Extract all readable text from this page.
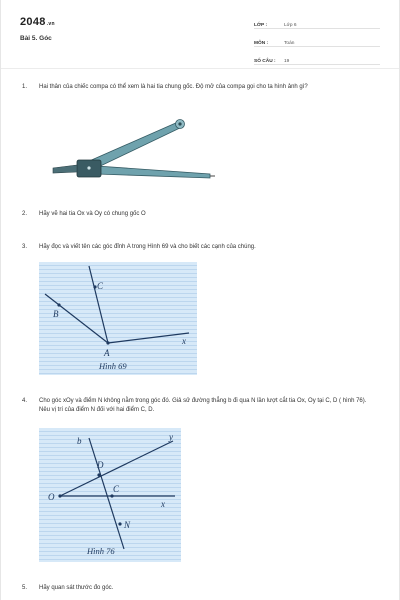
2048.vn
Bài 5. Góc
LỚP :	Lớp 6
MÔN :	Toán
SỐ CÂU :	19
1. Hai thân của chiếc compa có thể xem là hai tia chung gốc. Độ mở của compa gọi cho ta hình ảnh gì?
2. Hãy vẽ hai tia Ox và Oy có chung gốc O
3. Hãy đọc và viết tên các góc đỉnh A trong Hình 69 và cho biết các cạnh của chúng.
B
C
A
x
Hình 69
4. Cho góc xOy và điểm N không nằm trong góc đó. Giả sử đường thẳng b đi qua N lần lượt cắt tia Ox, Oy tại C, D ( hình 76). Nêu vị trí của điểm N đối với hai điểm C, D.
b	y
D
O
C
x
N
Hình 76
5. Hãy quan sát thước đo góc.
